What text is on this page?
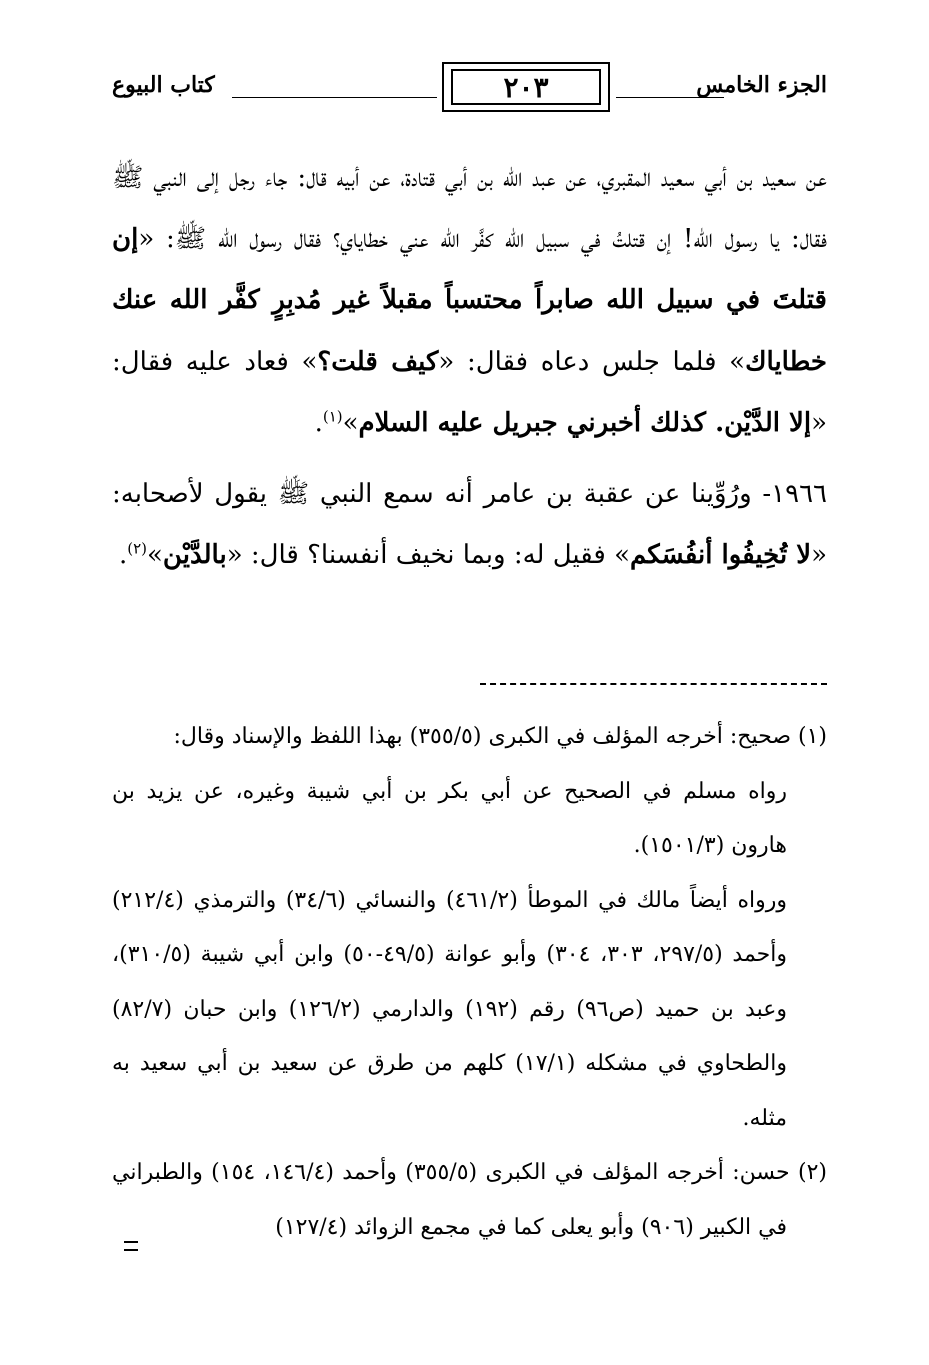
الجزء الخامس
٢٠٣
كتاب البيوع

عن سعيد بن أبي سعيد المقبري، عن عبد الله بن أبي قتادة، عن أبيه قال: جاء رجل إلى النبي ﷺ فقال: يا رسول الله! إن قتلتُ في سبيل الله كفَّر الله عني خطاياي؟ فقال رسول الله ﷺ: «إن قتلتَ في سبيل الله صابراً محتسباً مقبلاً غير مُدبِرٍ كفَّر الله عنك خطاياك» فلما جلس دعاه فقال: «كيف قلت؟» فعاد عليه فقال: «إلا الدَّيْن. كذلك أخبرني جبريل عليه السلام»$^{(١)}$.

١٩٦٦- ورُوِّينا عن عقبة بن عامر أنه سمع النبي ﷺ يقول لأصحابه: «لا تُخِيفُوا أنفُسَكم» فقيل له: وبما نخيف أنفسنا؟ قال: «بالدَّيْن»$^{(٢)}$.

(١) صحيح: أخرجه المؤلف في الكبرى (٣٥٥/٥) بهذا اللفظ والإسناد وقال:

رواه مسلم في الصحيح عن أبي بكر بن أبي شيبة وغيره، عن يزيد بن هارون (١٥٠١/٣).

ورواه أيضاً مالك في الموطأ (٤٦١/٢) والنسائي (٣٤/٦) والترمذي (٢١٢/٤) وأحمد (٢٩٧/٥، ٣٠٣، ٣٠٤) وأبو عوانة (٤٩/٥-٥٠) وابن أبي شيبة (٣١٠/٥)، وعبد بن حميد (ص٩٦) رقم (١٩٢) والدارمي (١٢٦/٢) وابن حبان (٨٢/٧) والطحاوي في مشكله (١٧/١) كلهم من طرق عن سعيد بن أبي سعيد به مثله.

(٢) حسن: أخرجه المؤلف في الكبرى (٣٥٥/٥) وأحمد (١٤٦/٤، ١٥٤) والطبراني في الكبير (٩٠٦) وأبو يعلى كما في مجمع الزوائد (١٢٧/٤)
